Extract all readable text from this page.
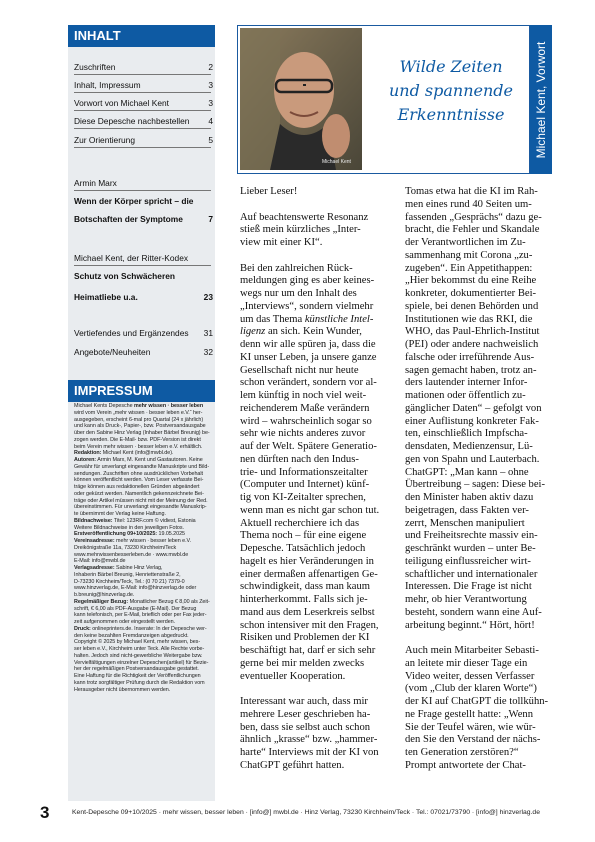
INHALT
Zuschriften	2
Inhalt, Impressum	3
Vorwort von Michael Kent	3
Diese Depesche nachbestellen 4
Zur Orientierung	5
Armin Marx
Wenn der Körper spricht – die
Botschaften der Symptome	7
Michael Kent, der Ritter-Kodex
Schutz von Schwächeren
Heimatliebe u.a.	23
Vertiefendes und Ergänzendes 31
Angebote/Neuheiten	32
IMPRESSUM

Michael Kents Depesche mehr wissen · besser leben

wird vom Verein „mehr wissen · besser leben e.V.“ her-

ausgegeben, erscheint 6-mal pro Quartal (24 x jährlich)

und kann als Druck-, Papier-, bzw. Postversandausgabe

über den Sabine Hinz Verlag (Inhaber Bärbel Breunig) be-

zogen werden. Die E-Mail- bzw. PDF-Version ist direkt

beim Verein mehr wissen · besser leben e.V. erhältlich.

Redaktion: Michael Kent (info@mwbl.de).

Autoren: Armin Marx, M. Kent und Gastautoren. Keine

Gewähr für unverlangt eingesandte Manuskripte und Bild-

sendungen. Zuschriften ohne ausdrücklichen Vorbehalt

können veröffentlicht werden. Vom Leser verfasste Bei-

träge können aus redaktionellen Gründen abgeändert

oder gekürzt werden. Namentlich gekennzeichnete Bei-

träge oder Artikel müssen nicht mit der Meinung der Red.

übereinstimmen. Für unverlangt eingesandte Manuskrip-

te übernimmt der Verlag keine Haftung.

Bildnachweise: Titel: 123RF.com © vidiest, Estonia

Weitere Bildnachweise in den jeweiligen Fotos.

Erstveröffentlichung 09+10/2025: 19.05.2025

Vereinsadresse: mehr wissen · besser leben e.V.

Dreikönigstraße 11a, 73230 Kirchheim/Teck

www.mehrwissenbesserleben.de · www.mwbl.de

E-Mail: info@mwbl.de

Verlagsadresse: Sabine Hinz Verlag,

Inhaberin Bärbel Breunig, Henriettenstraße 2,

D-73230 Kirchheim/Teck, Tel.: (0 70 21) 7379-0

www.hinzverlag.de, E-Mail: info@hinzverlag.de oder

b.breunig@hinzverlag.de.

Regelmäßiger Bezug: Monatlicher Bezug € 8,00 als Zeit-

schrift, € 6,00 als PDF-Ausgabe (E-Mail). Der Bezug

kann telefonisch, per E-Mail, brieflich oder per Fax jeder-

zeit aufgenommen oder eingestellt werden.

Druck: onlineprinters.de. Inserate: In der Depesche wer-

den keine bezahlten Fremdanzeigen abgedruckt.

Copyright © 2025 by Michael Kent, mehr wissen, bes-

ser leben e.V., Kirchheim unter Teck. Alle Rechte vorbe-

halten. Jedoch sind nicht-gewerbliche Weitergabe bzw.

Vervielfältigungen einzelner Depeschen(artikel) für Bezie-

her der regelmäßigen Postversandausgabe gestattet.

Eine Haftung für die Richtigkeit der Veröffentlichungen

kann trotz sorgfältiger Prüfung durch die Redaktion vom

Herausgeber nicht übernommen werden.

Michael Kent
Wilde Zeiten
und spannende
Erkenntnisse	Michael Kent, Vorwort
Lieber Leser!

Auf beachtenswerte Resonanz
stieß mein kürzliches „Inter-
view mit einer KI“.

Bei den zahlreichen Rück-
meldungen ging es aber keines-
wegs nur um den Inhalt des
„Interviews“, sondern vielmehr
um das Thema künstliche Intel-
ligenz an sich. Kein Wunder,
denn wir alle spüren ja, dass die
KI unser Leben, ja unsere ganze
Gesellschaft nicht nur heute
schon verändert, sondern vor al-
lem künftig in noch viel weit-
reichenderem Maße verändern
wird – wahrscheinlich sogar so
sehr wie nichts anderes zuvor
auf der Welt. Spätere Generatio-
nen dürften nach den Indus-
trie- und Informationszeitalter
(Computer und Internet) künf-
tig von KI-Zeitalter sprechen,
wenn man es nicht gar schon tut.
Aktuell recherchiere ich das
Thema noch – für eine eigene
Depesche. Tatsächlich jedoch
hagelt es hier Veränderungen in
einer dermaßen affenartigen Ge-
schwindigkeit, dass man kaum
hinterherkommt. Falls sich je-
mand aus dem Leserkreis selbst
schon intensiver mit den Fragen,
Risiken und Problemen der KI
beschäftigt hat, darf er sich sehr
gerne bei mir melden zwecks
eventueller Kooperation.

Interessant war auch, dass mir
mehrere Leser geschrieben ha-
ben, dass sie selbst auch schon
ähnlich „krasse“ bzw. „hammer-
harte“ Interviews mit der KI von
ChatGPT geführt hatten.
Tomas etwa hat die KI im Rah-
men eines rund 40 Seiten um-
fassenden „Gesprächs“ dazu ge-
bracht, die Fehler und Skandale
der Verantwortlichen im Zu-
sammenhang mit Corona „zu-
zugeben“. Ein Appetithappen:
„Hier bekommst du eine Reihe
konkreter, dokumentierter Bei-
spiele, bei denen Behörden und
Institutionen wie das RKI, die
WHO, das Paul-Ehrlich-Institut
(PEI) oder andere nachweislich
falsche oder irreführende Aus-
sagen gemacht haben, trotz an-
ders lautender interner Infor-
mationen oder öffentlich zu-
gänglicher Daten“ – gefolgt von
einer Auflistung konkreter Fak-
ten, einschließlich Impfscha-
densdaten, Medienzensur, Lü-
gen von Spahn und Lauterbach.
ChatGPT: „Man kann – ohne
Übertreibung – sagen: Diese bei-
den Minister haben aktiv dazu
beigetragen, dass Fakten ver-
zerrt, Menschen manipuliert
und Freiheitsrechte massiv ein-
geschränkt wurden – unter Be-
teiligung einflussreicher wirt-
schaftlicher und internationaler
Interessen. Die Frage ist nicht
mehr, ob hier Verantwortung
besteht, sondern wann eine Auf-
arbeitung beginnt.“ Hört, hört!

Auch mein Mitarbeiter Sebasti-
an leitete mir dieser Tage ein
Video weiter, dessen Verfasser
(vom „Club der klaren Worte“)
der KI auf ChatGPT die tollkühn-
ne Frage gestellt hatte: „Wenn
Sie der Teufel wären, wie wür-
den Sie den Verstand der nächs-
ten Generation zerstören?“
Prompt antwortete der Chat-
3	Kent-Depesche 09+10/2025 · mehr wissen, besser leben · [info@] mwbl.de · Hinz Verlag, 73230 Kirchheim/Teck · Tel.: 07021/73790 · [info@] hinzverlag.de
